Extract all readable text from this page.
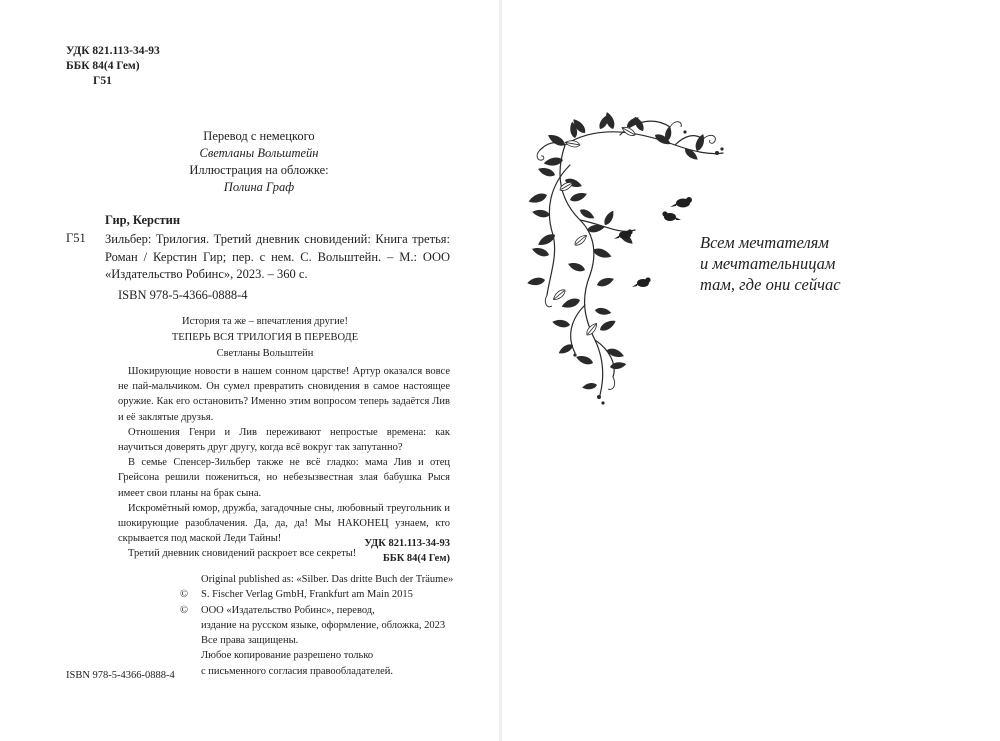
УДК 821.113-34-93
ББК 84(4 Гем)
Г51
Перевод с немецкого
Светланы Вольштейн
Иллюстрация на обложке:
Полина Граф
Гир, Керстин
Г51 Зильбер: Трилогия. Третий дневник сновидений: Книга третья: Роман / Керстин Гир; пер. с нем. С. Вольштейн. – М.: ООО «Издательство Робинс», 2023. – 360 с.
ISBN 978-5-4366-0888-4
История та же – впечатления другие!
ТЕПЕРЬ ВСЯ ТРИЛОГИЯ В ПЕРЕВОДЕ
Светланы Вольштейн
Шокирующие новости в нашем сонном царстве! Артур оказался вовсе не пай-мальчиком. Он сумел превратить сновидения в самое настоящее оружие. Как его остановить? Именно этим вопросом теперь задаётся Лив и её заклятые друзья.
Отношения Генри и Лив переживают непростые времена: как научиться доверять друг другу, когда всё вокруг так запутанно?
В семье Спенсер-Зильбер также не всё гладко: мама Лив и отец Грейсона решили пожениться, но небезызвестная злая бабушка Рыся имеет свои планы на брак сына.
Искромётный юмор, дружба, загадочные сны, любовный треугольник и шокирующие разоблачения. Да, да, да! Мы НАКОНЕЦ узнаем, кто скрывается под маской Леди Тайны!
Третий дневник сновидений раскроет все секреты!
УДК 821.113-34-93
ББК 84(4 Гем)
Original published as: «Silber. Das dritte Buch der Träume»
© S. Fischer Verlag GmbH, Frankfurt am Main 2015
© ООО «Издательство Робинс», перевод,
издание на русском языке, оформление, обложка, 2023
Все права защищены.
Любое копирование разрешено только
с письменного согласия правообладателей.
ISBN 978-5-4366-0888-4
Всем мечтателям
и мечтательницам
там, где они сейчас
